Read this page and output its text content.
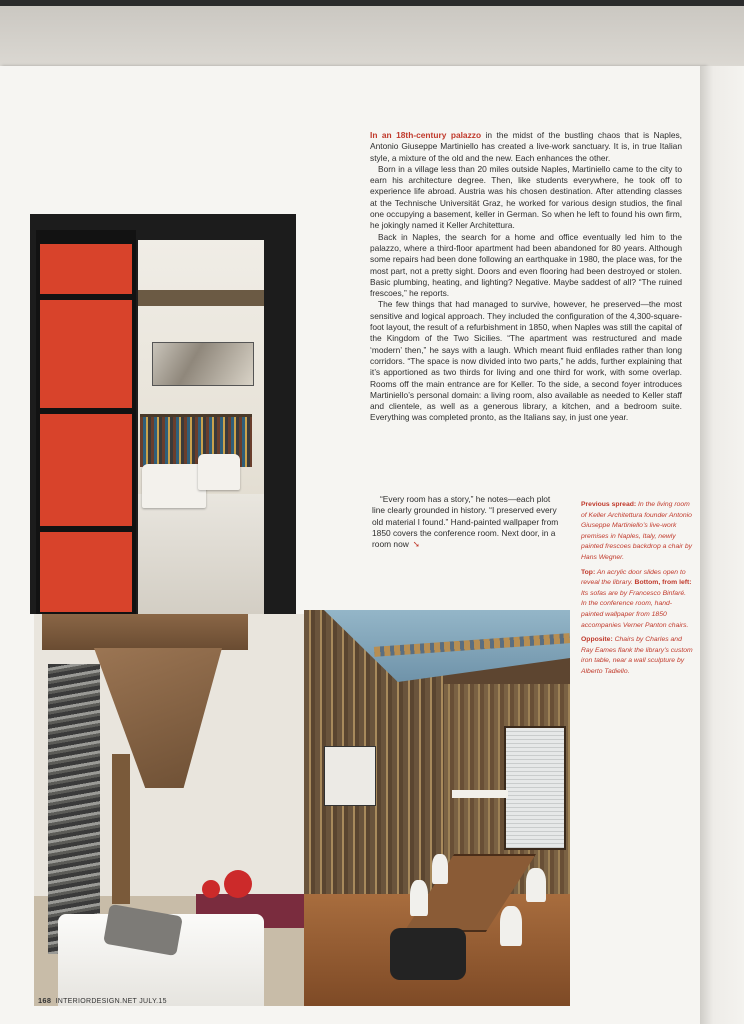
In an 18th-century palazzo in the midst of the bustling chaos that is Naples, Antonio Giuseppe Martiniello has created a live-work sanctuary. It is, in true Italian style, a mixture of the old and the new. Each enhances the other.

Born in a village less than 20 miles outside Naples, Martiniello came to the city to earn his architecture degree. Then, like students everywhere, he took off to experience life abroad. Austria was his chosen destination. After attending classes at the Technische Universität Graz, he worked for various design studios, the final one occupying a basement, keller in German. So when he left to found his own firm, he jokingly named it Keller Architettura.

Back in Naples, the search for a home and office eventually led him to the palazzo, where a third-floor apartment had been abandoned for 80 years. Although some repairs had been done following an earthquake in 1980, the place was, for the most part, not a pretty sight. Doors and even flooring had been destroyed or stolen. Basic plumbing, heating, and lighting? Negative. Maybe saddest of all? “The ruined frescoes,” he reports.

The few things that had managed to survive, however, he preserved—the most sensitive and logical approach. They included the configuration of the 4,300-square-foot layout, the result of a refurbishment in 1850, when Naples was still the capital of the Kingdom of the Two Sicilies. “The apartment was restructured and made ‘modern’ then,” he says with a laugh. Which meant fluid enfilades rather than long corridors. “The space is now divided into two parts,” he adds, further explaining that it’s apportioned as two thirds for living and one third for work, with some overlap. Rooms off the main entrance are for Keller. To the side, a second foyer introduces Martiniello’s personal domain: a living room, also available as needed to Keller staff and clientele, as well as a generous library, a kitchen, and a bedroom suite. Everything was completed pronto, as the Italians say, in just one year.

“Every room has a story,” he notes—each plot line clearly grounded in history. “I preserved every old material I found.” Hand-painted wallpaper from 1850 covers the conference room. Next door, in a room now ➘

Previous spread: In the living room of Keller Architettura founder Antonio Giuseppe Martiniello’s live-work premises in Naples, Italy, newly painted frescoes backdrop a chair by Hans Wegner.

Top: An acrylic door slides open to reveal the library. Bottom, from left: Its sofas are by Francesco Binfaré. In the conference room, hand-painted wallpaper from 1850 accompanies Verner Panton chairs.

Opposite: Chairs by Charles and Ray Eames flank the library’s custom iron table, near a wall sculpture by Alberto Tadiello.

168 INTERIORDESIGN.NET JULY.15
